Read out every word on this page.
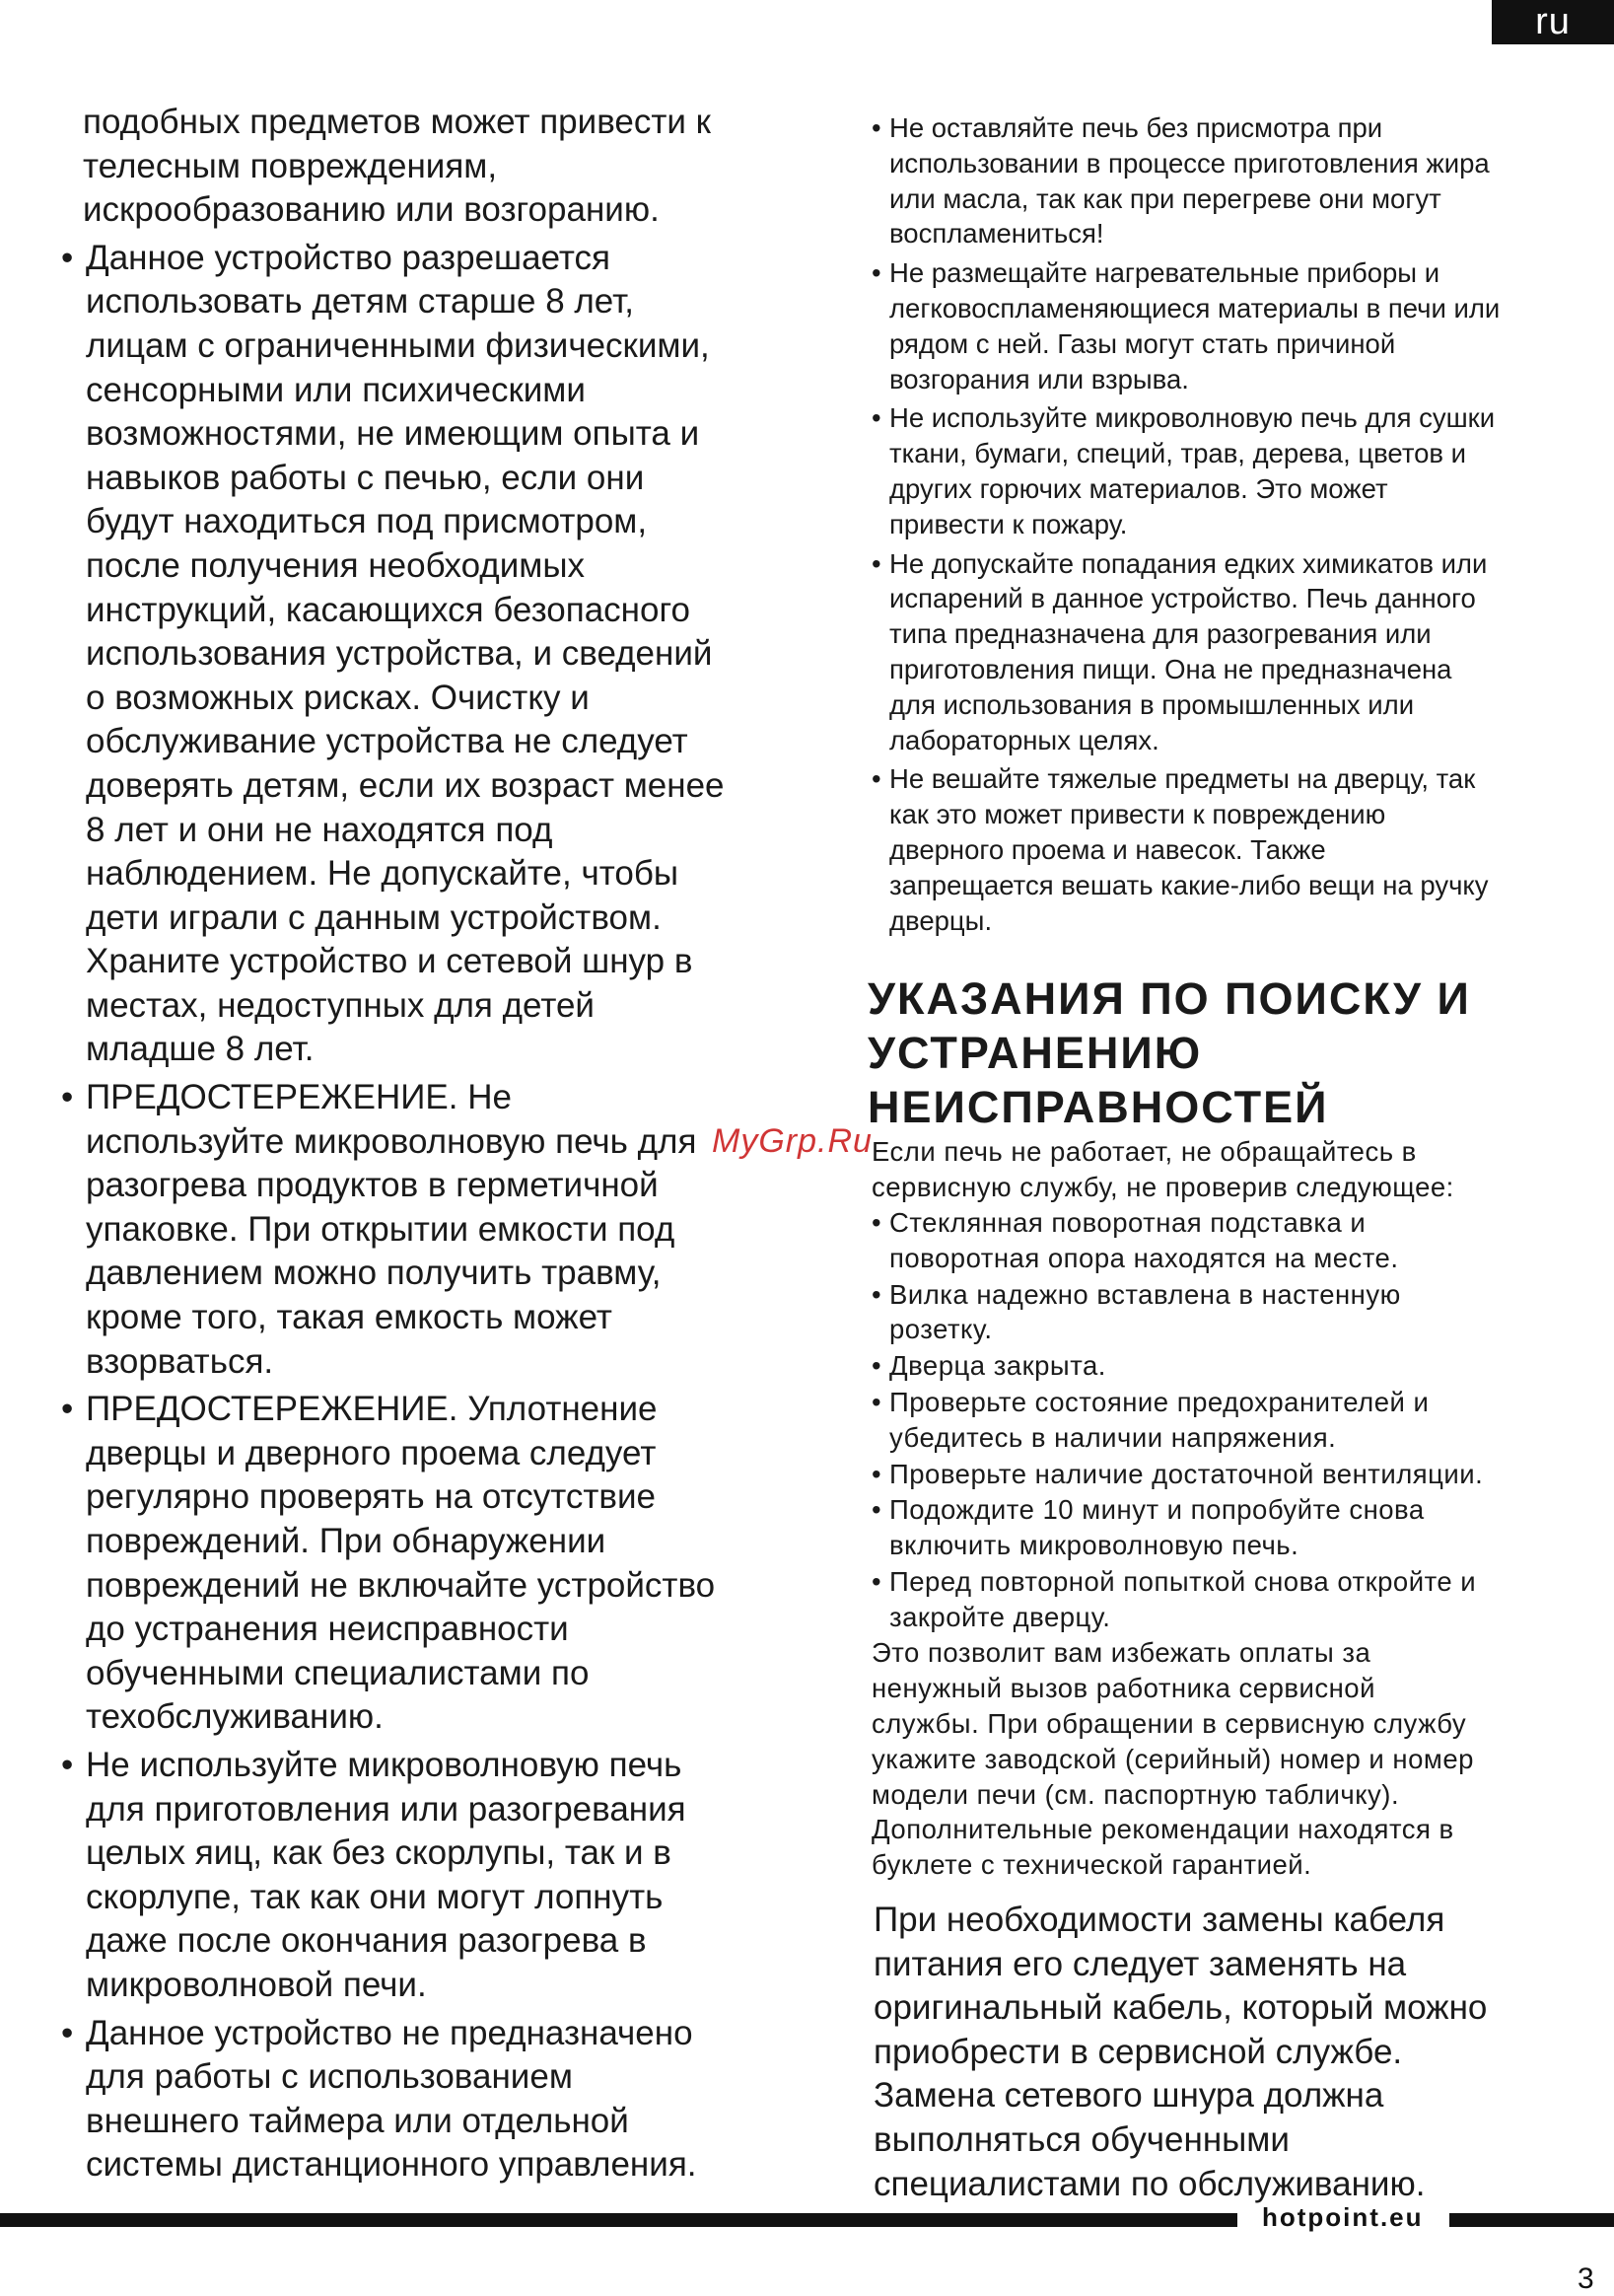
ru

подобных предметов может привести к

телесным повреждениям,

искрообразованию или возгоранию.

• Данное устройство разрешается

использовать детям старше 8 лет,

лицам с ограниченными физическими,

сенсорными или психическими

возможностями, не имеющим опыта и

навыков работы с печью, если они

будут находиться под присмотром,

после получения необходимых

инструкций, касающихся безопасного

использования устройства, и сведений

о возможных рисках. Очистку и

обслуживание устройства не следует

доверять детям, если их возраст менее

8 лет и они не находятся под

наблюдением. Не допускайте, чтобы

дети играли с данным устройством.

Храните устройство и сетевой шнур в

местах, недоступных для детей

младше 8 лет.

• ПРЕДОСТЕРЕЖЕНИЕ. Не

используйте микроволновую печь для

разогрева продуктов в герметичной

упаковке. При открытии емкости под

давлением можно получить травму,

кроме того, такая емкость может

взорваться.

• ПРЕДОСТЕРЕЖЕНИЕ. Уплотнение

дверцы и дверного проема следует

регулярно проверять на отсутствие

повреждений. При обнаружении

повреждений не включайте устройство

до устранения неисправности

обученными специалистами по

техобслуживанию.

• Не используйте микроволновую печь

для приготовления или разогревания

целых яиц, как без скорлупы, так и в

скорлупе, так как они могут лопнуть

даже после окончания разогрева в

микроволновой печи.

• Данное устройство не предназначено

для работы с использованием

внешнего таймера или отдельной

системы дистанционного управления.

• Не оставляйте печь без присмотра при
использовании в процессе приготовления жира
или масла, так как при перегреве они могут
воспламениться!
• Не размещайте нагревательные приборы и
легковоспламеняющиеся материалы в печи или
рядом с ней. Газы могут стать причиной
возгорания или взрыва.
• Не используйте микроволновую печь для сушки
ткани, бумаги, специй, трав, дерева, цветов и
других горючих материалов. Это может
привести к пожару.
• Не допускайте попадания едких химикатов или
испарений в данное устройство. Печь данного
типа предназначена для разогревания или
приготовления пищи. Она не предназначена
для использования в промышленных или
лабораторных целях.
• Не вешайте тяжелые предметы на дверцу, так
как это может привести к повреждению
дверного проема и навесок. Также
запрещается вешать какие-либо вещи на ручку
дверцы.
УКАЗАНИЯ ПО ПОИСКУ И
УСТРАНЕНИЮ
НЕИСПРАВНОСТЕЙ
Если печь не работает, не обращайтесь в
сервисную службу, не проверив следующее:
• Стеклянная поворотная подставка и
поворотная опора находятся на месте.
• Вилка надежно вставлена в настенную
розетку.
• Дверца закрыта.
• Проверьте состояние предохранителей и
убедитесь в наличии напряжения.
• Проверьте наличие достаточной вентиляции.
• Подождите 10 минут и попробуйте снова
включить микроволновую печь.
• Перед повторной попыткой снова откройте и
закройте дверцу.
Это позволит вам избежать оплаты за
ненужный вызов работника сервисной
службы. При обращении в сервисную службу
укажите заводской (серийный) номер и номер
модели печи (см. паспортную табличку).
Дополнительные рекомендации находятся в
буклете с технической гарантией.
При необходимости замены кабеля
питания его следует заменять на
оригинальный кабель, который можно
приобрести в сервисной службе.
Замена сетевого шнура должна
выполняться обученными
специалистами по обслуживанию.
MyGrp.Ru
hotpoint.eu
3
